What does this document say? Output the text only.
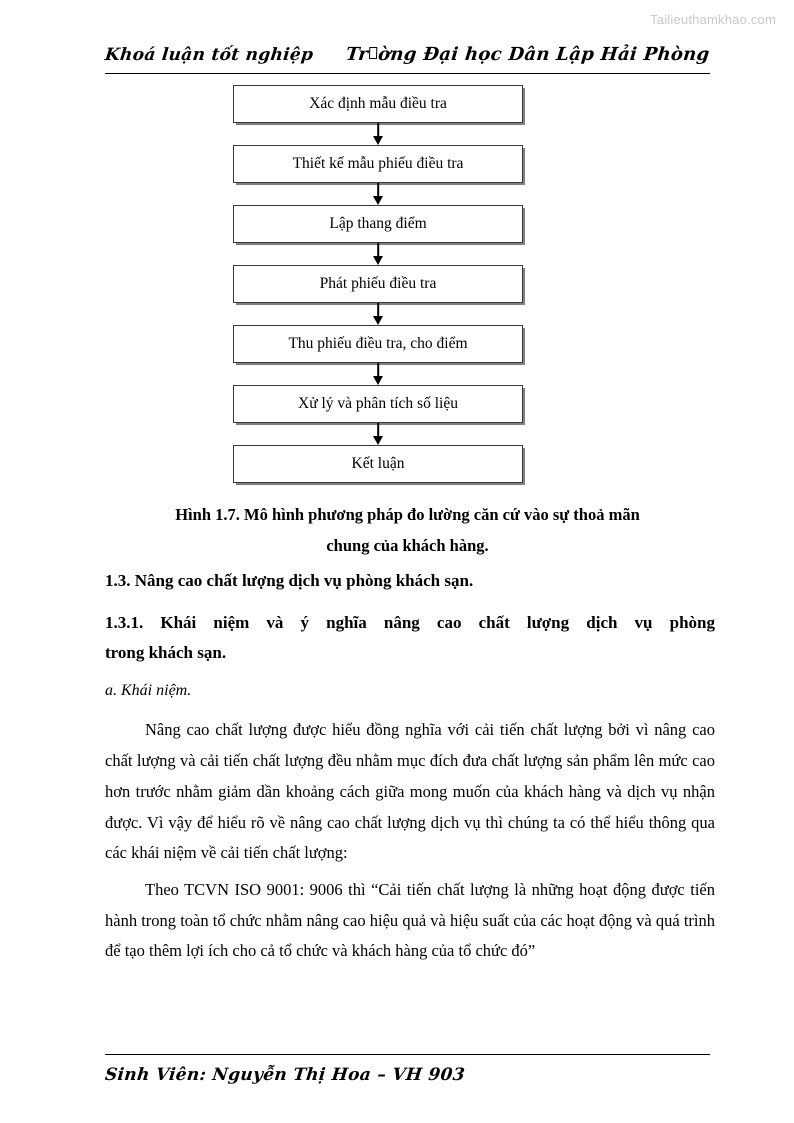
Tailieuthamkhao.com
Khoá luận tốt nghiệp Tr ờng Đại học Dân Lập Hải Phòng
Xác định mẫu điều tra
Thiết kế mẫu phiếu điều tra
Lập thang điểm
Phát phiếu điều tra
Thu phiếu điều tra, cho điểm
Xử lý và phân tích số liệu
Kết luận
Hình 1.7. Mô hình phương pháp đo lường căn cứ vào sự thoả mãn
chung của khách hàng.

1.3. Nâng cao chất lượng dịch vụ phòng khách sạn.

1.3.1. Khái niệm và ý nghĩa nâng cao chất lượng dịch vụ phòng
trong khách sạn.

a. Khái niệm.

Nâng cao chất lượng được hiểu đồng nghĩa với cải tiến chất lượng bởi vì nâng cao chất lượng và cải tiến chất lượng đều nhằm mục đích đưa chất lượng sản phẩm lên mức cao hơn trước nhằm giảm dần khoảng cách giữa mong muốn của khách hàng và dịch vụ nhận được. Vì vậy để hiểu rõ về nâng cao chất lượng dịch vụ thì chúng ta có thể hiểu thông qua các khái niệm về cải tiến chất lượng:

Theo TCVN ISO 9001: 9006 thì “Cải tiến chất lượng là những hoạt động được tiến hành trong toàn tổ chức nhằm nâng cao hiệu quả và hiệu suất của các hoạt động và quá trình để tạo thêm lợi ích cho cả tổ chức và khách hàng của tổ chức đó”

Sinh Viên: Nguyễn Thị Hoa – VH 903
